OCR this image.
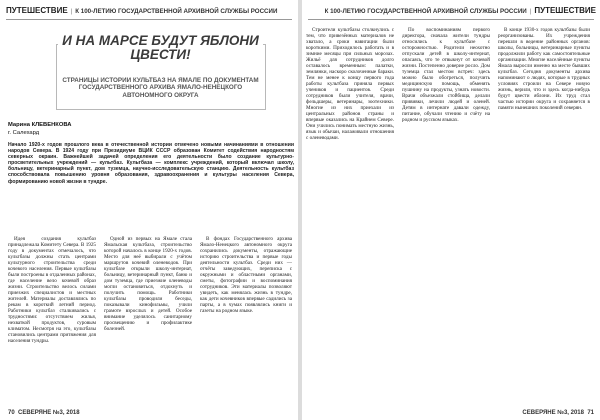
ПУТЕШЕСТВИЕ | К 100-ЛЕТИЮ ГОСУДАРСТВЕННОЙ АРХИВНОЙ СЛУЖБЫ РОССИИ
И НА МАРСЕ БУДУТ ЯБЛОНИ ЦВЕСТИ!
СТРАНИЦЫ ИСТОРИИ КУЛЬТБАЗ НА ЯМАЛЕ ПО ДОКУМЕНТАМ ГОСУДАРСТВЕННОГО АРХИВА ЯМАЛО-НЕНЕЦКОГО АВТОНОМНОГО ОКРУГА
Марина КЛЕВЕНКОВА
г. Салехард
Начало 1920-х годов прошлого века в отечественной истории отмечено новыми начинаниями в отношении народов Севера. В 1924 году при Президиуме ВЦИК СССР образован Комитет содействия народностям северных окраин. Важнейшей задачей определения его деятельности было создание культурно-просветительных учреждений — культбаз. Культбаза — комплекс учреждений, который включал школу, больницу, ветеринарный пункт, дом туземца, научно-исследовательскую станцию. Деятельность культбаз способствовала повышению уровня образования, здравоохранения и культуры населения Севера, формированию новой жизни в тундре.
Идея создания культбаз принадлежала Комитету Севера. В 1925 году в документах отмечалось, что культбазы должны стать центрами культурного строительства среди кочевого населения. Первые культбазы были построены в отдаленных районах, где население вело кочевой образ жизни. Строительство велось силами приезжих специалистов и местных жителей. Материалы доставлялись по рекам в короткий летний период. Работники культбаз сталкивались с трудностями: отсутствием жилья, нехваткой продуктов, суровым климатом. Несмотря на это, культбазы становились центрами притяжения для населения тундры.
Одной из первых на Ямале стала Ямальская культбаза, строительство которой началось в конце 1920-х годов. Место для неё выбирали с учётом маршрутов кочевий оленеводов. При культбазе открыли школу-интернат, больницу, ветеринарный пункт, баню и дом туземца, где приезжие оленеводы могли остановиться, отдохнуть и получить помощь. Работники культбазы проводили беседы, показывали кинофильмы, учили грамоте взрослых и детей. Особое внимание уделялось санитарному просвещению и профилактике болезней.
В фондах Государственного архива Ямало-Ненецкого автономного округа сохранились документы, отражающие историю строительства и первые годы деятельности культбаз. Среди них — отчёты заведующих, переписка с окружными и областными органами, сметы, фотографии и воспоминания сотрудников. Эти материалы позволяют увидеть, как менялась жизнь в тундре, как дети кочевников впервые садились за парты, а в чумах появлялись книги и газеты на родном языке.
70 СЕВЕРЯНЕ №3, 2018
К 100-ЛЕТИЮ ГОСУДАРСТВЕННОЙ АРХИВНОЙ СЛУЖБЫ РОССИИ | ПУТЕШЕСТВИЕ
Строители культбазы столкнулись с тем, что привезённых материалов не хватало, а сроки навигации были короткими. Приходилось работать и в зимние месяцы при сильных морозах. Жильё для сотрудников долго оставалось временным: палатки, землянки, наскоро сколоченные бараки. Тем не менее к концу первого года работы культбаза приняла первых учеников и пациентов. Среди сотрудников были учителя, врачи, фельдшеры, ветеринары, зоотехники. Многие из них приехали из центральных районов страны и впервые оказались на Крайнем Севере. Они учились понимать местную жизнь, язык и обычаи, налаживали отношения с оленеводами.
По воспоминаниям первого директора, сначала жители тундры относились к культбазе с осторожностью. Родители неохотно отпускали детей в школу-интернат, опасаясь, что те отвыкнут от кочевой жизни. Постепенно доверие росло. Дом туземца стал местом встреч: здесь можно было обогреться, получить медицинскую помощь, обменять пушнину на продукты, узнать новости. Врачи объезжали стойбища, делали прививки, лечили людей и оленей. Детям в интернате давали одежду, питание, обучали чтению и счёту на родном и русском языках.
В конце 1930-х годов культбазы были реорганизованы. Их учреждения перешли в ведение районных органов: школы, больницы, ветеринарные пункты продолжили работу как самостоятельные организации. Многие населённые пункты Ямала выросли именно на месте бывших культбаз. Сегодня документы архива напоминают о людях, которые в трудных условиях строили на Севере новую жизнь, верили, что и здесь когда-нибудь будут цвести яблони. Их труд стал частью истории округа и сохраняется в памяти нынешних поколений северян.
СЕВЕРЯНЕ №3, 2018 71
